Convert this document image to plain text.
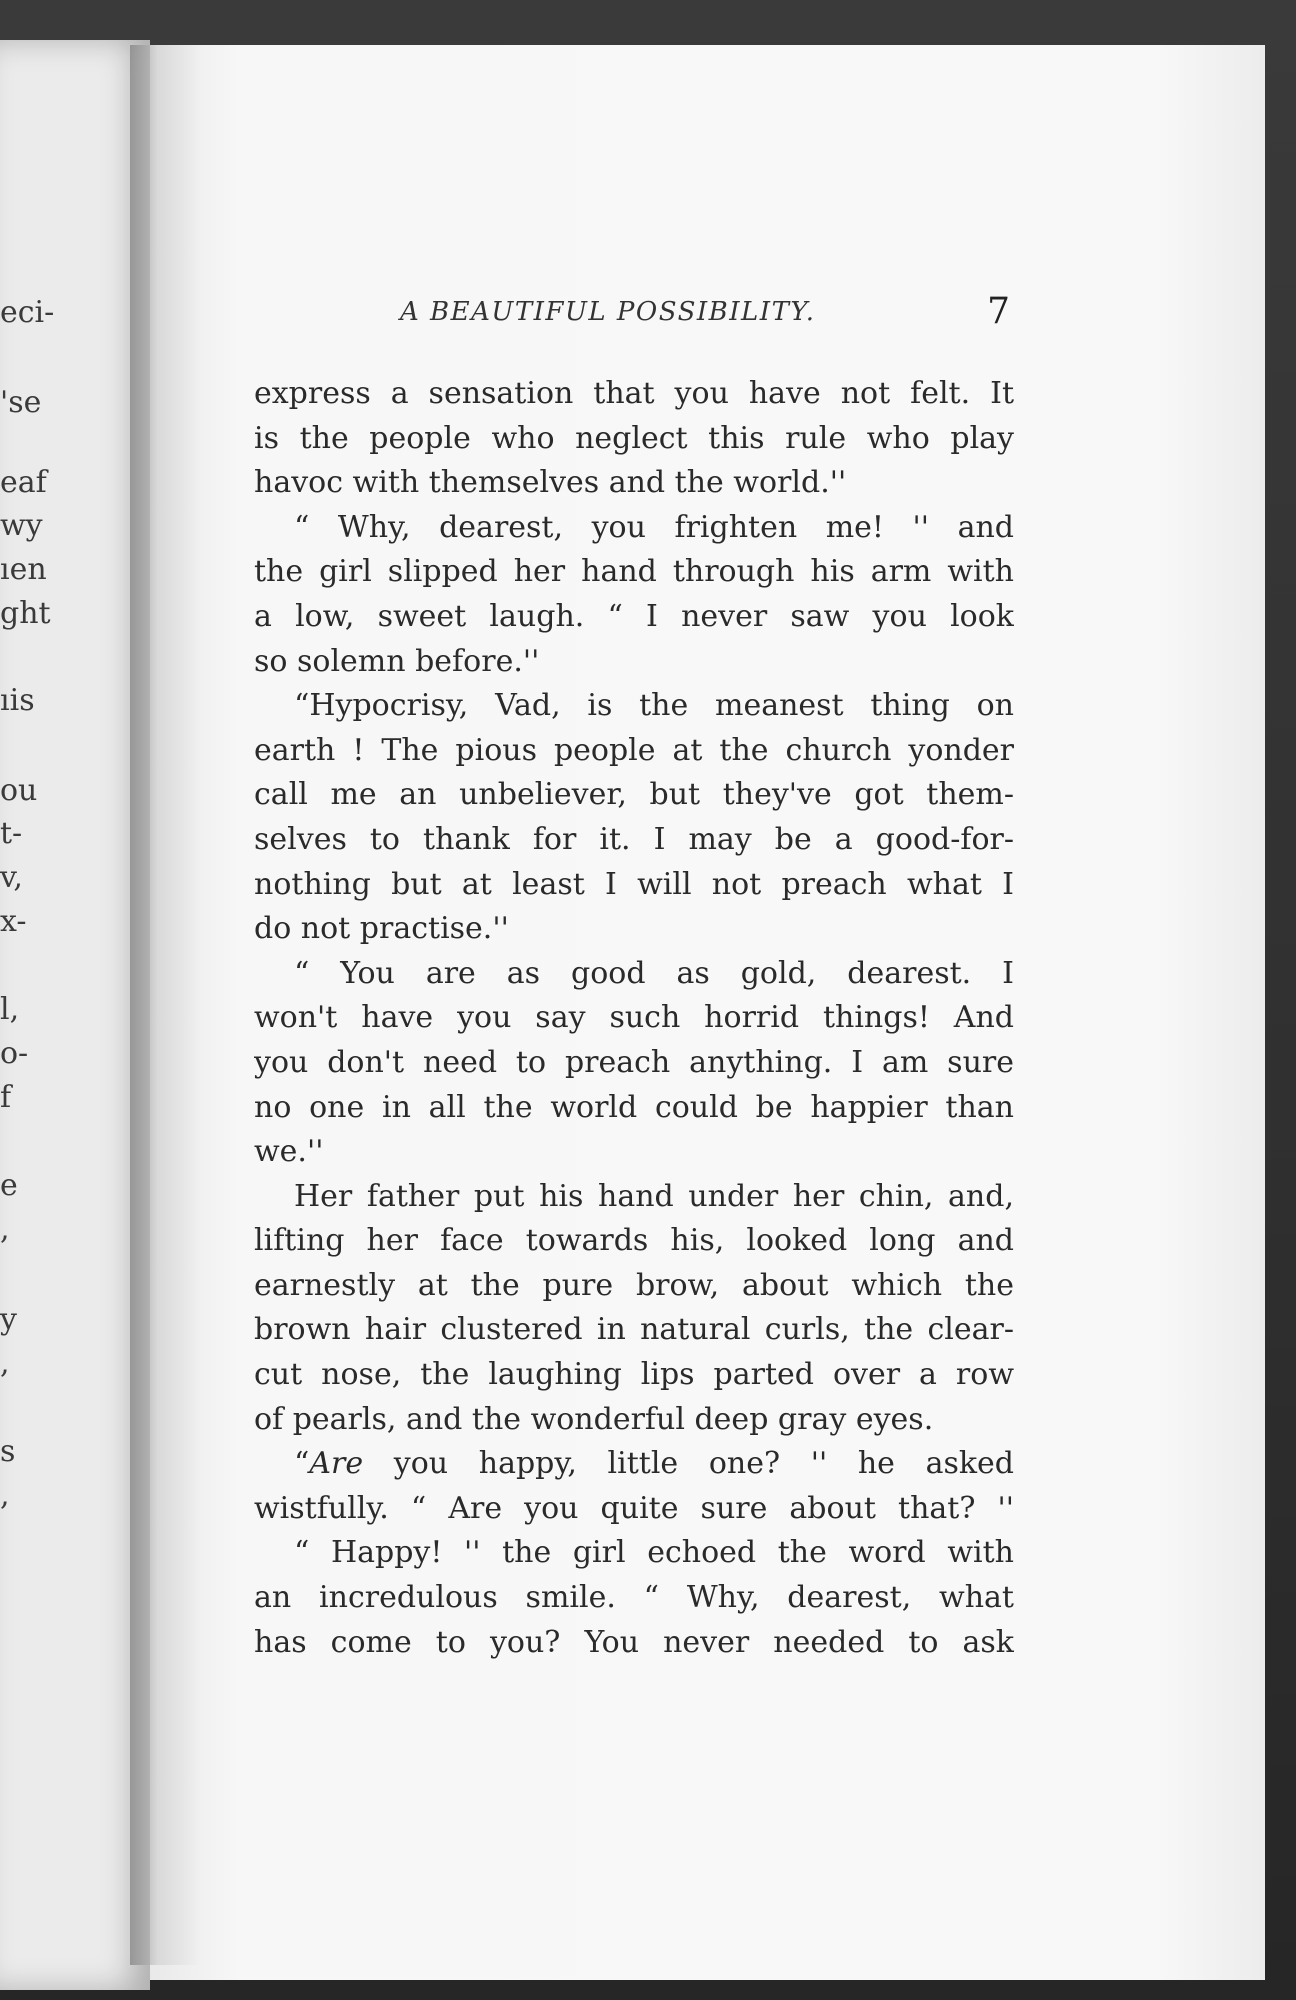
eci-
'se
eaf
wy
ıen
ght
ıis
ou
t-
v,
x-
l,
o-
f
e
,
y
,
s
,
A BEAUTIFUL POSSIBILITY.	7
express a sensation that you have not felt. It
is the people who neglect this rule who play
havoc with themselves and the world.''
“ Why, dearest, you frighten me! '' and
the girl slipped her hand through his arm with
a low, sweet laugh. “ I never saw you look
so solemn before.''
“Hypocrisy, Vad, is the meanest thing on
earth ! The pious people at the church yonder
call me an unbeliever, but they've got them-
selves to thank for it. I may be a good-for-
nothing but at least I will not preach what I
do not practise.''
“ You are as good as gold, dearest. I
won't have you say such horrid things! And
you don't need to preach anything. I am sure
no one in all the world could be happier than
we.''
Her father put his hand under her chin, and,
lifting her face towards his, looked long and
earnestly at the pure brow, about which the
brown hair clustered in natural curls, the clear-
cut nose, the laughing lips parted over a row
of pearls, and the wonderful deep gray eyes.
“Are you happy, little one? '' he asked
wistfully. “ Are you quite sure about that? ''
“ Happy! '' the girl echoed the word with
an incredulous smile. “ Why, dearest, what
has come to you? You never needed to ask
